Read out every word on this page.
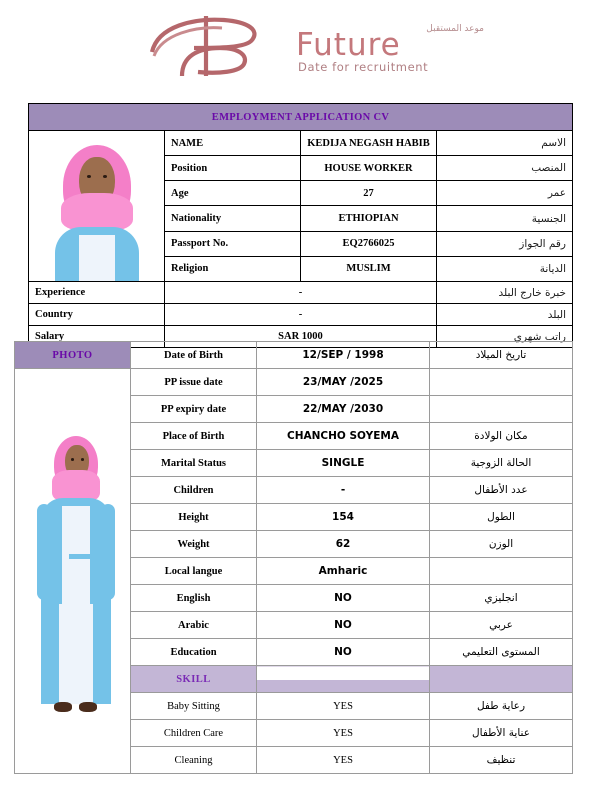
موعد المستقبل
Future
Date for recruitment
EMPLOYMENT APPLICATION CV			

	NAME	KEDIJA NEGASH HABIB	الاسم
	Position	HOUSE WORKER	المنصب
	Age	27	عمر
	Nationality	ETHIOPIAN	الجنسية
	Passport No.	EQ2766025	رقم الجواز
	Religion	MUSLIM	الديانة
Experience	-		خبرة خارج البلد
Country	-		البلد
Salary	SAR 1000		راتب شهري
PHOTO	Date of Birth	12/SEP / 1998	تاريخ الميلاد

	PP issue date	23/MAY /2025	
	PP expiry date	22/MAY /2030	
	Place of Birth	CHANCHO SOYEMA	مكان الولادة
	Marital Status	SINGLE	الحالة الزوجية
	Children	-	عدد الأطفال
	Height	154	الطول
	Weight	62	الوزن
	Local langue	Amharic	
	English	NO	انجليزي
	Arabic	NO	عربي
	Education	NO	المستوى التعليمي
	SKILL		
	Baby Sitting	YES	رعاية طفل
	Children Care	YES	عناية الأطفال
	Cleaning	YES	تنظيف
